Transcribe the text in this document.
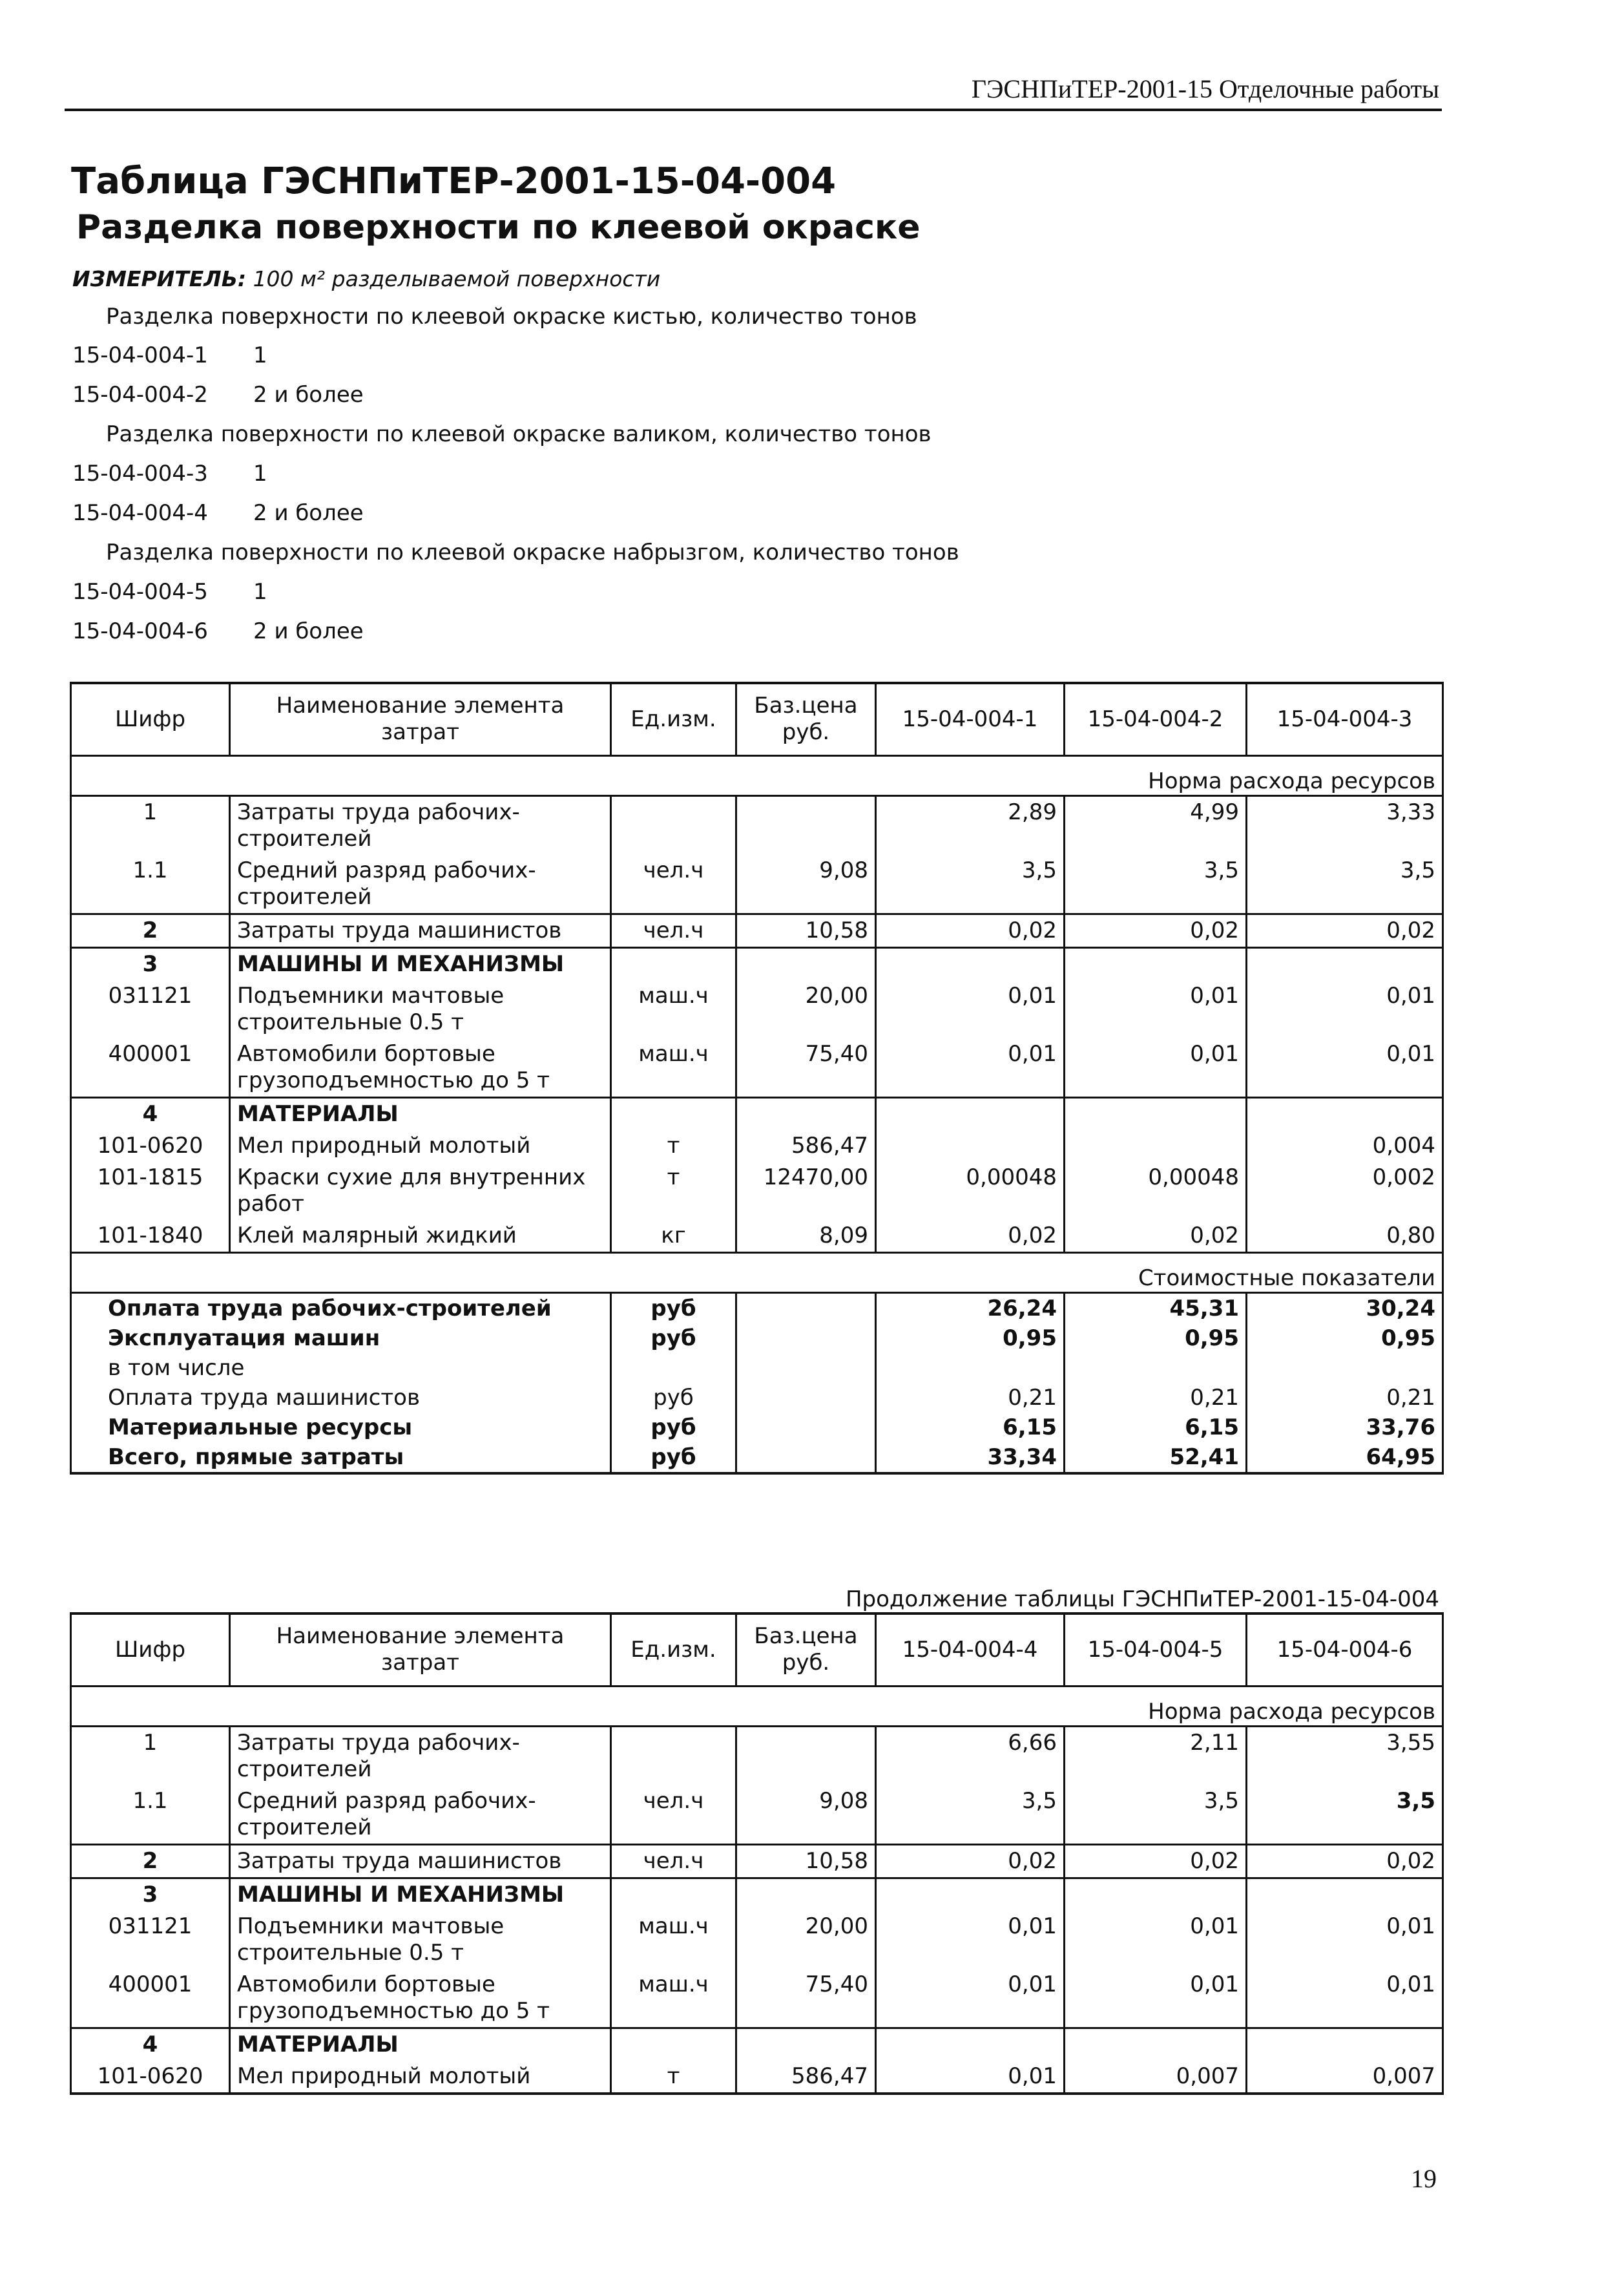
ГЭСНПиТЕР-2001-15 Отделочные работы
Таблица ГЭСНПиТЕР-2001-15-04-004
Разделка поверхности по клеевой окраске
ИЗМЕРИТЕЛЬ: 100 м² разделываемой поверхности
Разделка поверхности по клеевой окраске кистью, количество тонов
15-04-004-1 1
15-04-004-2 2 и более
Разделка поверхности по клеевой окраске валиком, количество тонов
15-04-004-3 1
15-04-004-4 2 и более
Разделка поверхности по клеевой окраске набрызгом, количество тонов
15-04-004-5 1
15-04-004-6 2 и более
Шифр	Наименование элемента затрат	Ед.изм.	Баз.цена руб.	15-04-004-1	15-04-004-2	15-04-004-3
Норма расхода ресурсов						
1	Затраты труда рабочих-строителей			2,89	4,99	3,33
1.1	Средний разряд рабочих-строителей	чел.ч	9,08	3,5	3,5	3,5
2	Затраты труда машинистов	чел.ч	10,58	0,02	0,02	0,02
3	МАШИНЫ И МЕХАНИЗМЫ					
031121	Подъемники мачтовые строительные 0.5 т	маш.ч	20,00	0,01	0,01	0,01
400001	Автомобили бортовые грузоподъемностью до 5 т	маш.ч	75,40	0,01	0,01	0,01
4	МАТЕРИАЛЫ					
101-0620	Мел природный молотый	т	586,47			0,004
101-1815	Краски сухие для внутренних работ	т	12470,00	0,00048	0,00048	0,002
101-1840	Клей малярный жидкий	кг	8,09	0,02	0,02	0,80
Стоимостные показатели						
Оплата труда рабочих-строителей		руб		26,24	45,31	30,24
Эксплуатация машин		руб		0,95	0,95	0,95
в том числе						
Оплата труда машинистов		руб		0,21	0,21	0,21
Материальные ресурсы		руб		6,15	6,15	33,76
Всего, прямые затраты		руб		33,34	52,41	64,95
Продолжение таблицы ГЭСНПиТЕР-2001-15-04-004
Шифр	Наименование элемента затрат	Ед.изм.	Баз.цена руб.	15-04-004-4	15-04-004-5	15-04-004-6
Норма расхода ресурсов						
1	Затраты труда рабочих-строителей			6,66	2,11	3,55
1.1	Средний разряд рабочих-строителей	чел.ч	9,08	3,5	3,5	3,5
2	Затраты труда машинистов	чел.ч	10,58	0,02	0,02	0,02
3	МАШИНЫ И МЕХАНИЗМЫ					
031121	Подъемники мачтовые строительные 0.5 т	маш.ч	20,00	0,01	0,01	0,01
400001	Автомобили бортовые грузоподъемностью до 5 т	маш.ч	75,40	0,01	0,01	0,01
4	МАТЕРИАЛЫ					
101-0620	Мел природный молотый	т	586,47	0,01	0,007	0,007
19
